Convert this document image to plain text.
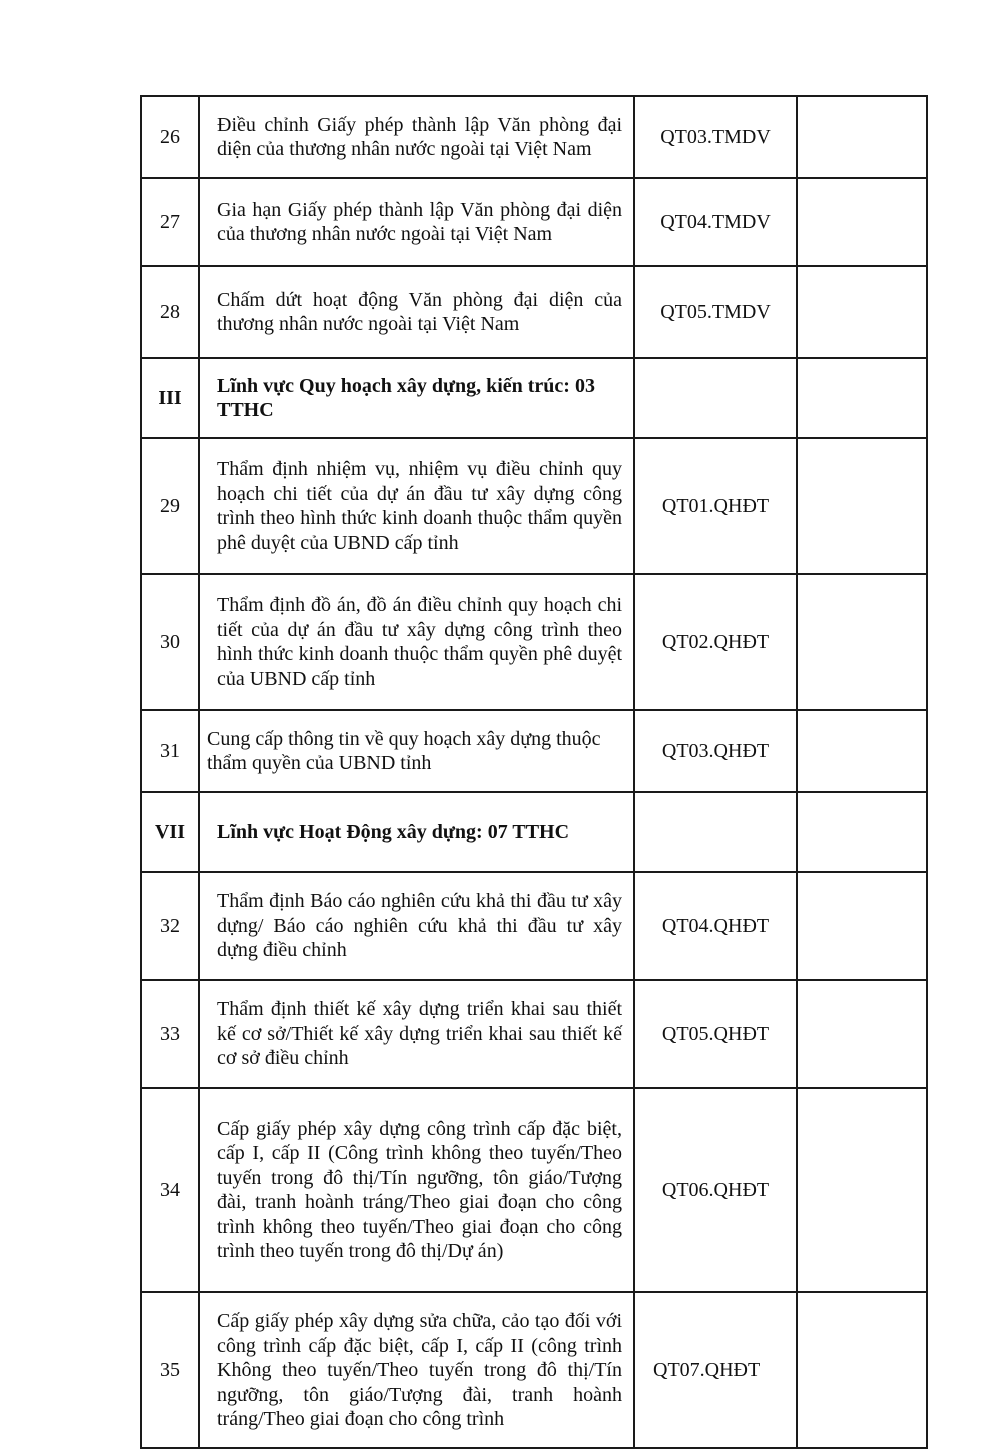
26	Điều chỉnh Giấy phép thành lập Văn phòng đại diện của thương nhân nước ngoài tại Việt Nam	QT03.TMDV	
27	Gia hạn Giấy phép thành lập Văn phòng đại diện của thương nhân nước ngoài tại Việt Nam	QT04.TMDV	
28	Chấm dứt hoạt động Văn phòng đại diện của thương nhân nước ngoài tại Việt Nam	QT05.TMDV	
III	Lĩnh vực Quy hoạch xây dựng, kiến trúc: 03 TTHC		
29	Thẩm định nhiệm vụ, nhiệm vụ điều chỉnh quy hoạch chi tiết của dự án đầu tư xây dựng công trình theo hình thức kinh doanh thuộc thẩm quyền phê duyệt của UBND cấp tỉnh	QT01.QHĐT	
30	Thẩm định đồ án, đồ án điều chỉnh quy hoạch chi tiết của dự án đầu tư xây dựng công trình theo hình thức kinh doanh thuộc thẩm quyền phê duyệt của UBND cấp tỉnh	QT02.QHĐT	
31	Cung cấp thông tin về quy hoạch xây dựng thuộc thẩm quyền của UBND tỉnh	QT03.QHĐT	
VII	Lĩnh vực Hoạt Động xây dựng: 07 TTHC		
32	Thẩm định Báo cáo nghiên cứu khả thi đầu tư xây dựng/ Báo cáo nghiên cứu khả thi đầu tư xây dựng điều chỉnh	QT04.QHĐT	
33	Thẩm định thiết kế xây dựng triển khai sau thiết kế cơ sở/Thiết kế xây dựng triển khai sau thiết kế cơ sở điều chỉnh	QT05.QHĐT	
34	Cấp giấy phép xây dựng công trình cấp đặc biệt, cấp I, cấp II (Công trình không theo tuyến/Theo tuyến trong đô thị/Tín ngưỡng, tôn giáo/Tượng đài, tranh hoành tráng/Theo giai đoạn cho công trình không theo tuyến/Theo giai đoạn cho công trình theo tuyến trong đô thị/Dự án)	QT06.QHĐT	
35	Cấp giấy phép xây dựng sửa chữa, cảo tạo đối với công trình cấp đặc biệt, cấp I, cấp II (công trình Không theo tuyến/Theo tuyến trong đô thị/Tín ngưỡng, tôn giáo/Tượng đài, tranh hoành tráng/Theo giai đoạn cho công trình	QT07.QHĐT	
